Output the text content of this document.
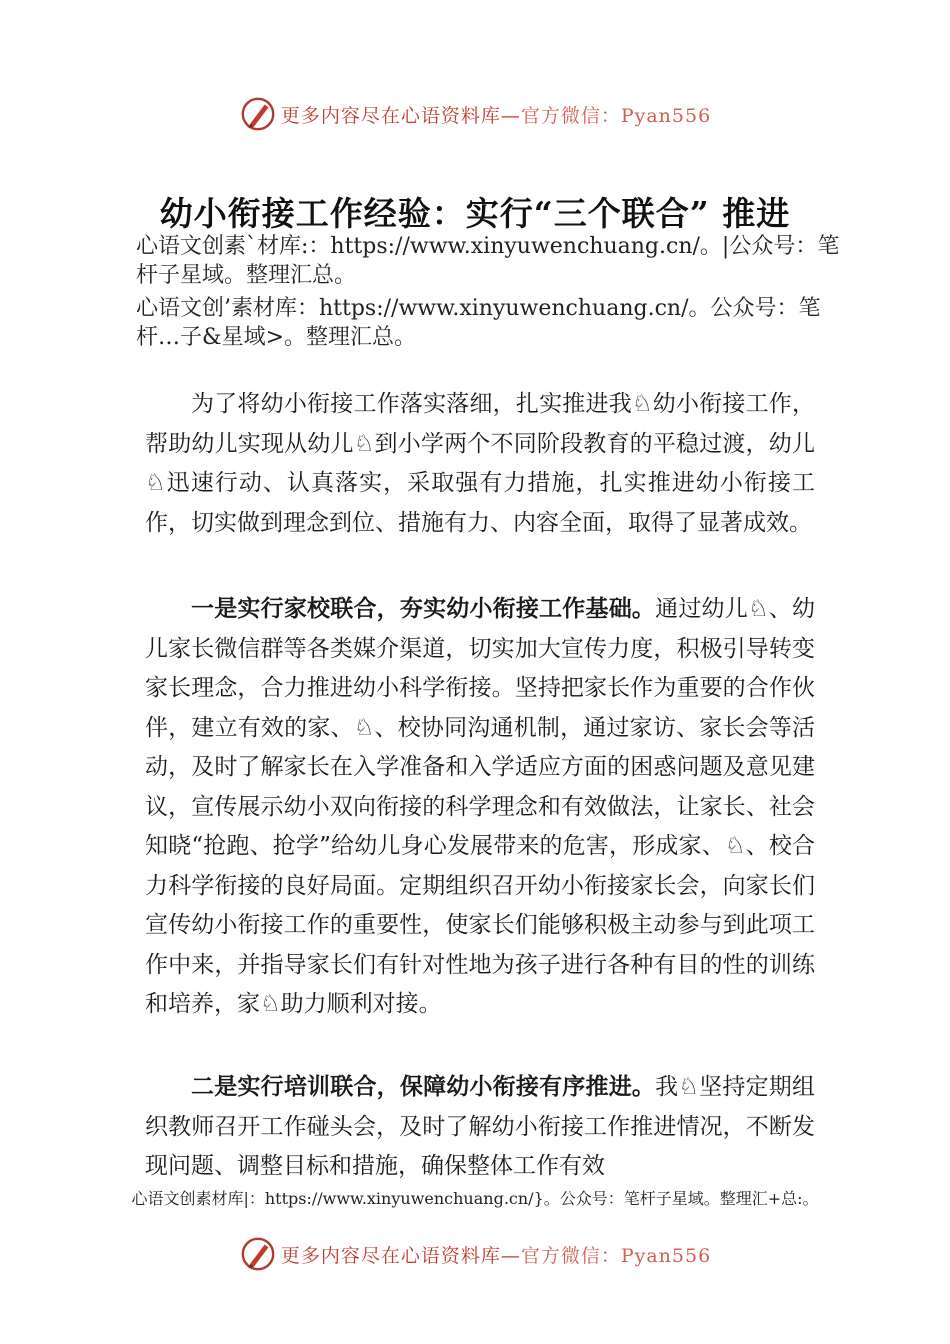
更多内容尽在心语资料库— 官方微信：Pyan556
幼小衔接工作经验：实行“三个联合” 推进
心语文创素`材库:：https://www.xinyuwenchuang.cn/。|公众号：笔杆子星域。整理汇总。
心语文创’素材库：https://www.xinyuwenchuang.cn/。公众号：笔杆…子&星域>。整理汇总。

为了将幼小衔接工作落实落细，扎实推进我♘幼小衔接工作，帮助幼儿实现从幼儿♘到小学两个不同阶段教育的平稳过渡，幼儿♘迅速行动、认真落实，采取强有力措施，扎实推进幼小衔接工作，切实做到理念到位、措施有力、内容全面，取得了显著成效。

一是实行家校联合，夯实幼小衔接工作基础。通过幼儿♘、幼儿家长微信群等各类媒介渠道，切实加大宣传力度，积极引导转变家长理念，合力推进幼小科学衔接。坚持把家长作为重要的合作伙伴，建立有效的家、♘、校协同沟通机制，通过家访、家长会等活动，及时了解家长在入学准备和入学适应方面的困惑问题及意见建议，宣传展示幼小双向衔接的科学理念和有效做法，让家长、社会知晓“抢跑、抢学”给幼儿身心发展带来的危害，形成家、♘、校合力科学衔接的良好局面。定期组织召开幼小衔接家长会，向家长们宣传幼小衔接工作的重要性，使家长们能够积极主动参与到此项工作中来，并指导家长们有针对性地为孩子进行各种有目的性的训练和培养，家♘助力顺利对接。

二是实行培训联合，保障幼小衔接有序推进。我♘坚持定期组织教师召开工作碰头会，及时了解幼小衔接工作推进情况，不断发现问题、调整目标和措施，确保整体工作有效

心语文创素材库|：https://www.xinyuwenchuang.cn/}。公众号：笔杆子星域。整理汇+总:。
更多内容尽在心语资料库— 官方微信：Pyan556
